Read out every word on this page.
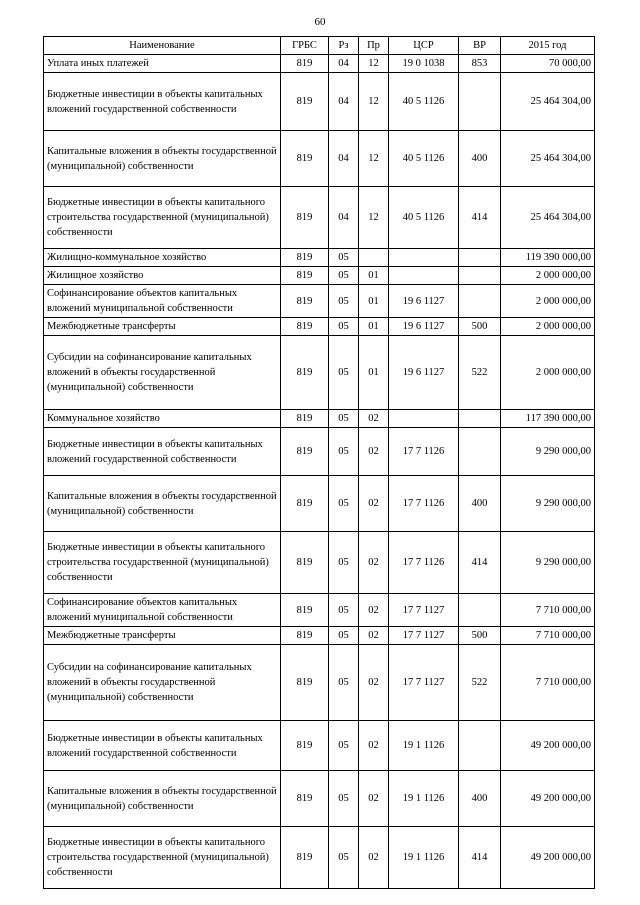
60
Наименование	ГРБС	Рз	Пр	ЦСР	ВР	2015 год
Уплата иных платежей	819	04	12	19 0 1038	853	70 000,00
Бюджетные инвестиции в объекты капитальных вложений государственной собственности	819	04	12	40 5 1126		25 464 304,00
Капитальные вложения в объекты государственной (муниципальной) собственности	819	04	12	40 5 1126	400	25 464 304,00
Бюджетные инвестиции в объекты капитального строительства государственной (муниципальной) собственности	819	04	12	40 5 1126	414	25 464 304,00
Жилищно-коммунальное хозяйство	819	05				119 390 000,00
Жилищное хозяйство	819	05	01			2 000 000,00
Софинансирование объектов капитальных вложений муниципальной собственности	819	05	01	19 6 1127		2 000 000,00
Межбюджетные трансферты	819	05	01	19 6 1127	500	2 000 000,00
Субсидии на софинансирование капитальных вложений в объекты государственной (муниципальной) собственности	819	05	01	19 6 1127	522	2 000 000,00
Коммунальное хозяйство	819	05	02			117 390 000,00
Бюджетные инвестиции в объекты капитальных вложений государственной собственности	819	05	02	17 7 1126		9 290 000,00
Капитальные вложения в объекты государственной (муниципальной) собственности	819	05	02	17 7 1126	400	9 290 000,00
Бюджетные инвестиции в объекты капитального строительства государственной (муниципальной) собственности	819	05	02	17 7 1126	414	9 290 000,00
Софинансирование объектов капитальных вложений муниципальной собственности	819	05	02	17 7 1127		7 710 000,00
Межбюджетные трансферты	819	05	02	17 7 1127	500	7 710 000,00
Субсидии на софинансирование капитальных вложений в объекты государственной (муниципальной) собственности	819	05	02	17 7 1127	522	7 710 000,00
Бюджетные инвестиции в объекты капитальных вложений государственной собственности	819	05	02	19 1 1126		49 200 000,00
Капитальные вложения в объекты государственной (муниципальной) собственности	819	05	02	19 1 1126	400	49 200 000,00
Бюджетные инвестиции в объекты капитального строительства государственной (муниципальной) собственности	819	05	02	19 1 1126	414	49 200 000,00
